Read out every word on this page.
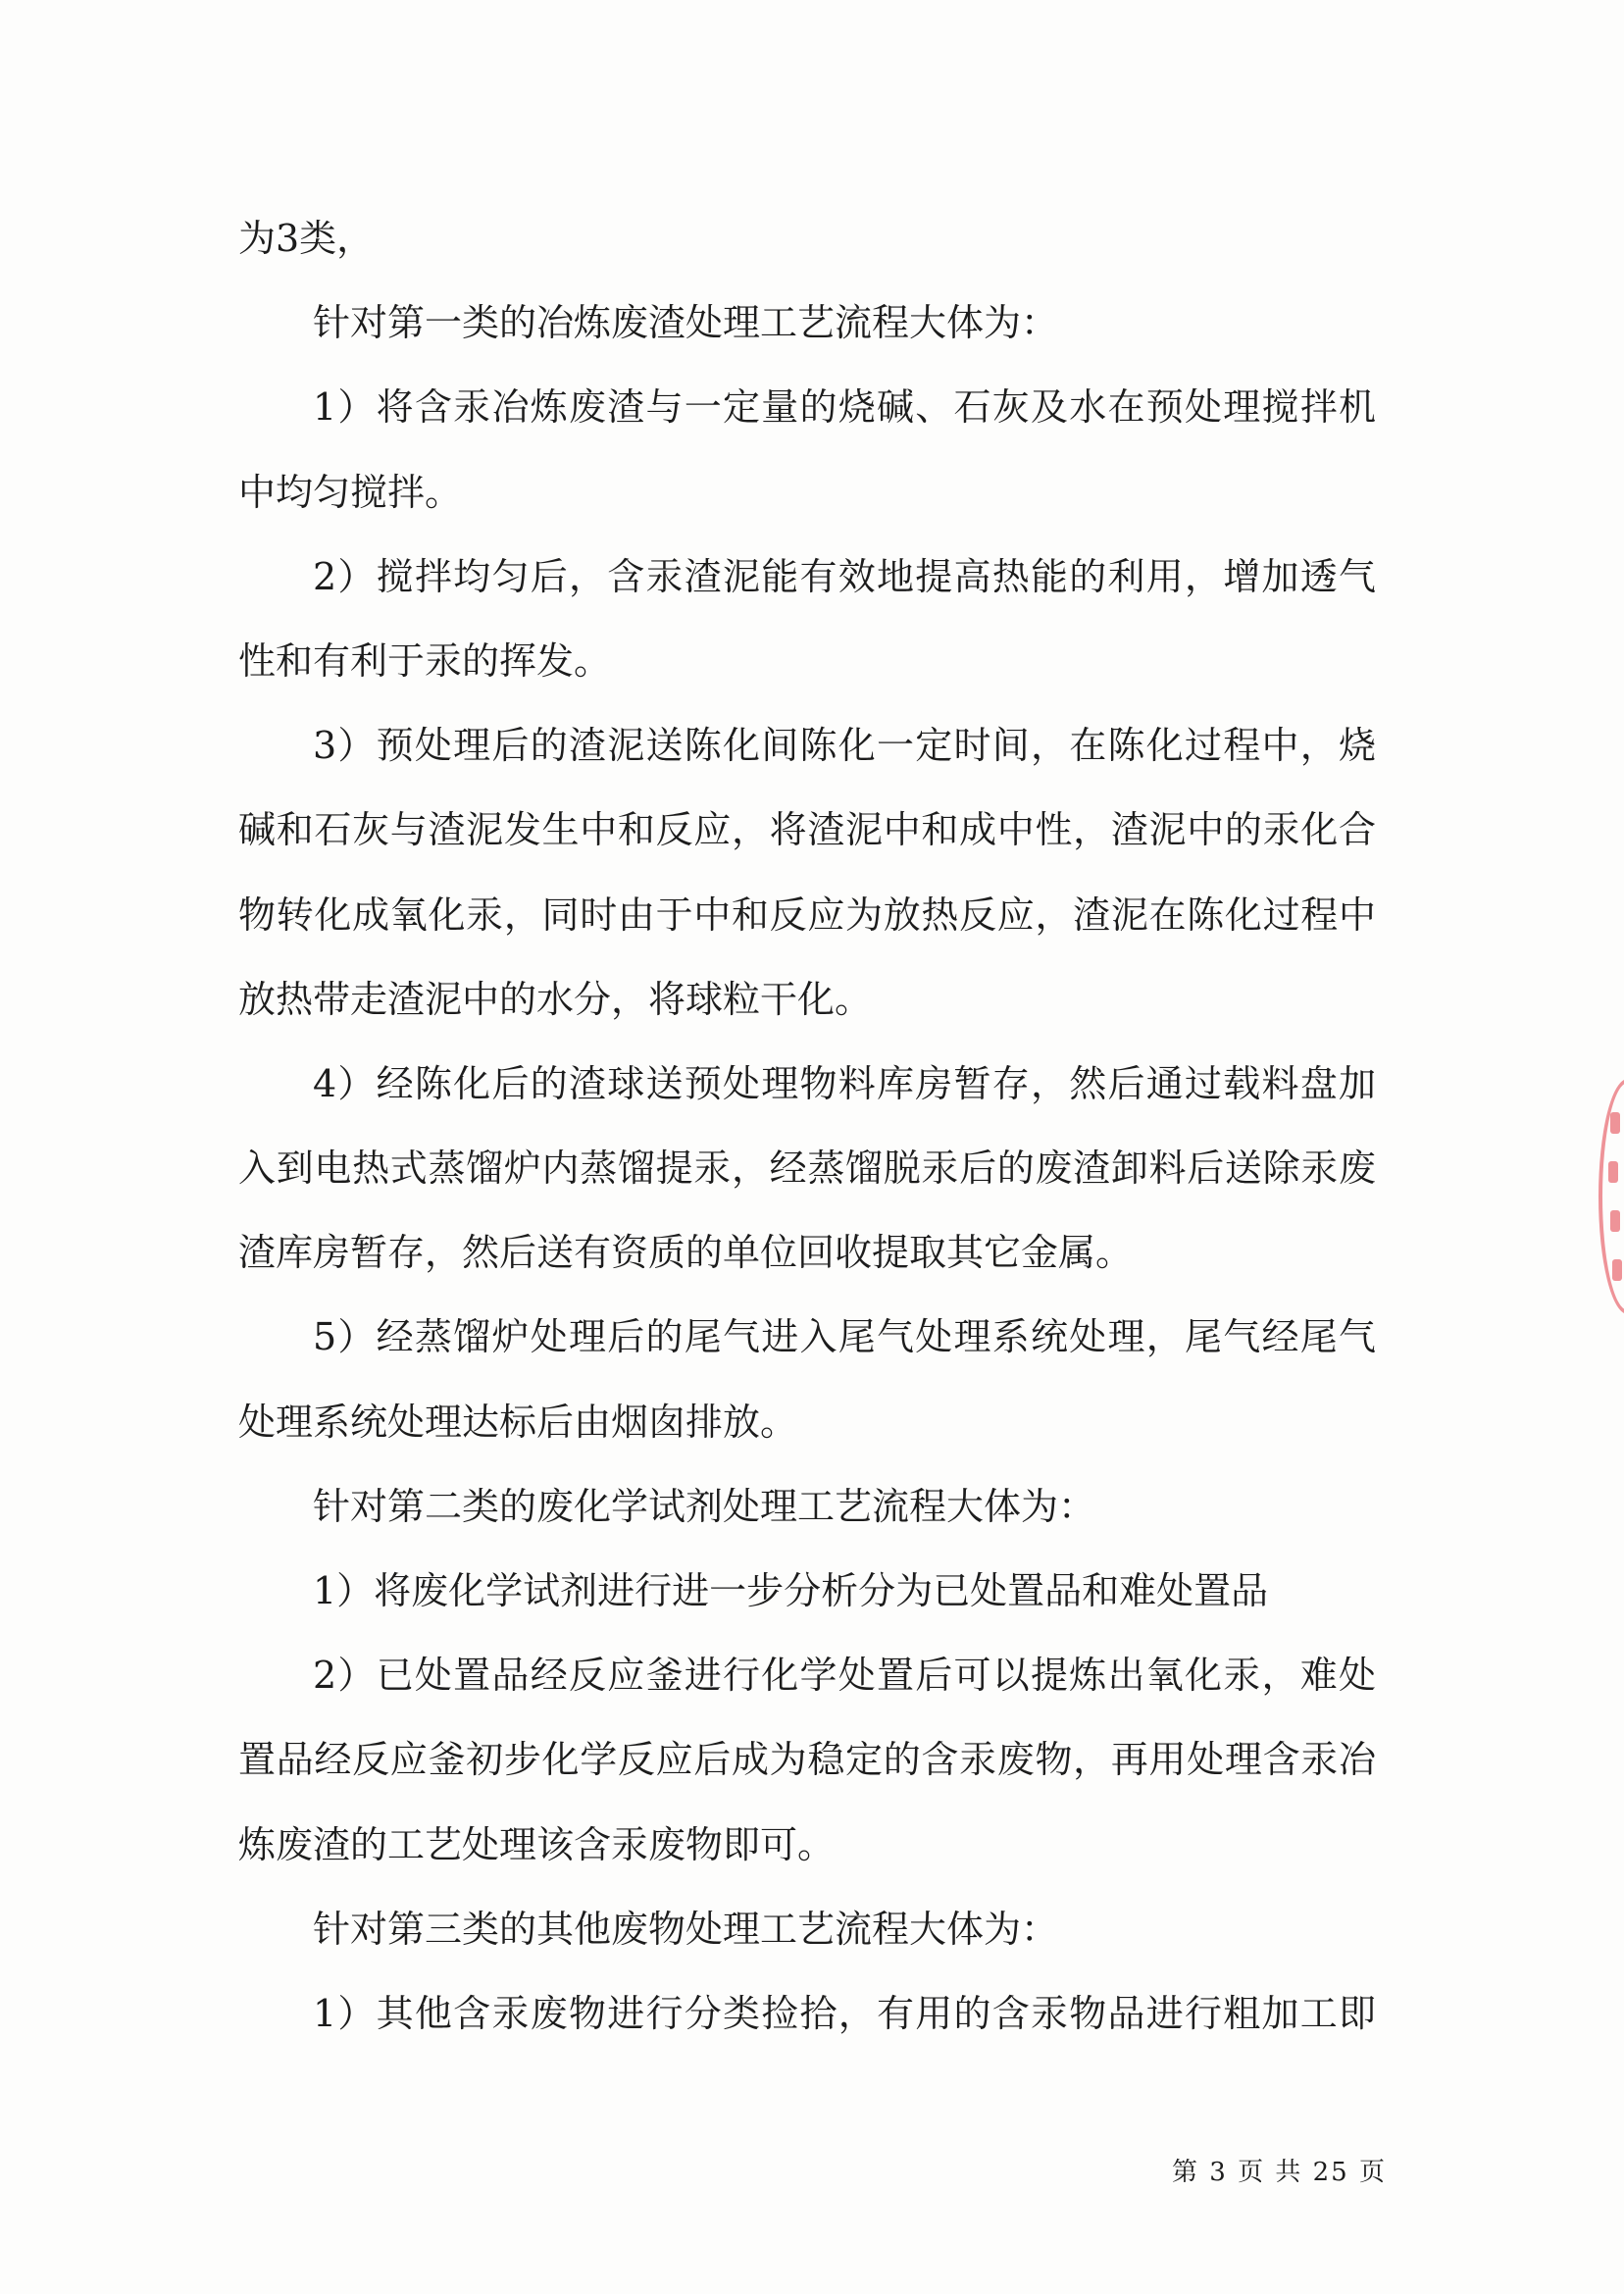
为3类，
针对第一类的冶炼废渣处理工艺流程大体为：
1）将含汞冶炼废渣与一定量的烧碱、石灰及水在预处理搅拌机
中均匀搅拌。
2）搅拌均匀后，含汞渣泥能有效地提高热能的利用，增加透气
性和有利于汞的挥发。
3）预处理后的渣泥送陈化间陈化一定时间，在陈化过程中，烧
碱和石灰与渣泥发生中和反应，将渣泥中和成中性，渣泥中的汞化合
物转化成氧化汞，同时由于中和反应为放热反应，渣泥在陈化过程中
放热带走渣泥中的水分，将球粒干化。
4）经陈化后的渣球送预处理物料库房暂存，然后通过载料盘加
入到电热式蒸馏炉内蒸馏提汞，经蒸馏脱汞后的废渣卸料后送除汞废
渣库房暂存，然后送有资质的单位回收提取其它金属。
5）经蒸馏炉处理后的尾气进入尾气处理系统处理，尾气经尾气
处理系统处理达标后由烟囱排放。
针对第二类的废化学试剂处理工艺流程大体为：
1）将废化学试剂进行进一步分析分为已处置品和难处置品
2）已处置品经反应釜进行化学处置后可以提炼出氧化汞，难处
置品经反应釜初步化学反应后成为稳定的含汞废物，再用处理含汞冶
炼废渣的工艺处理该含汞废物即可。
针对第三类的其他废物处理工艺流程大体为：
1）其他含汞废物进行分类捡拾，有用的含汞物品进行粗加工即
第 3 页 共 25 页
